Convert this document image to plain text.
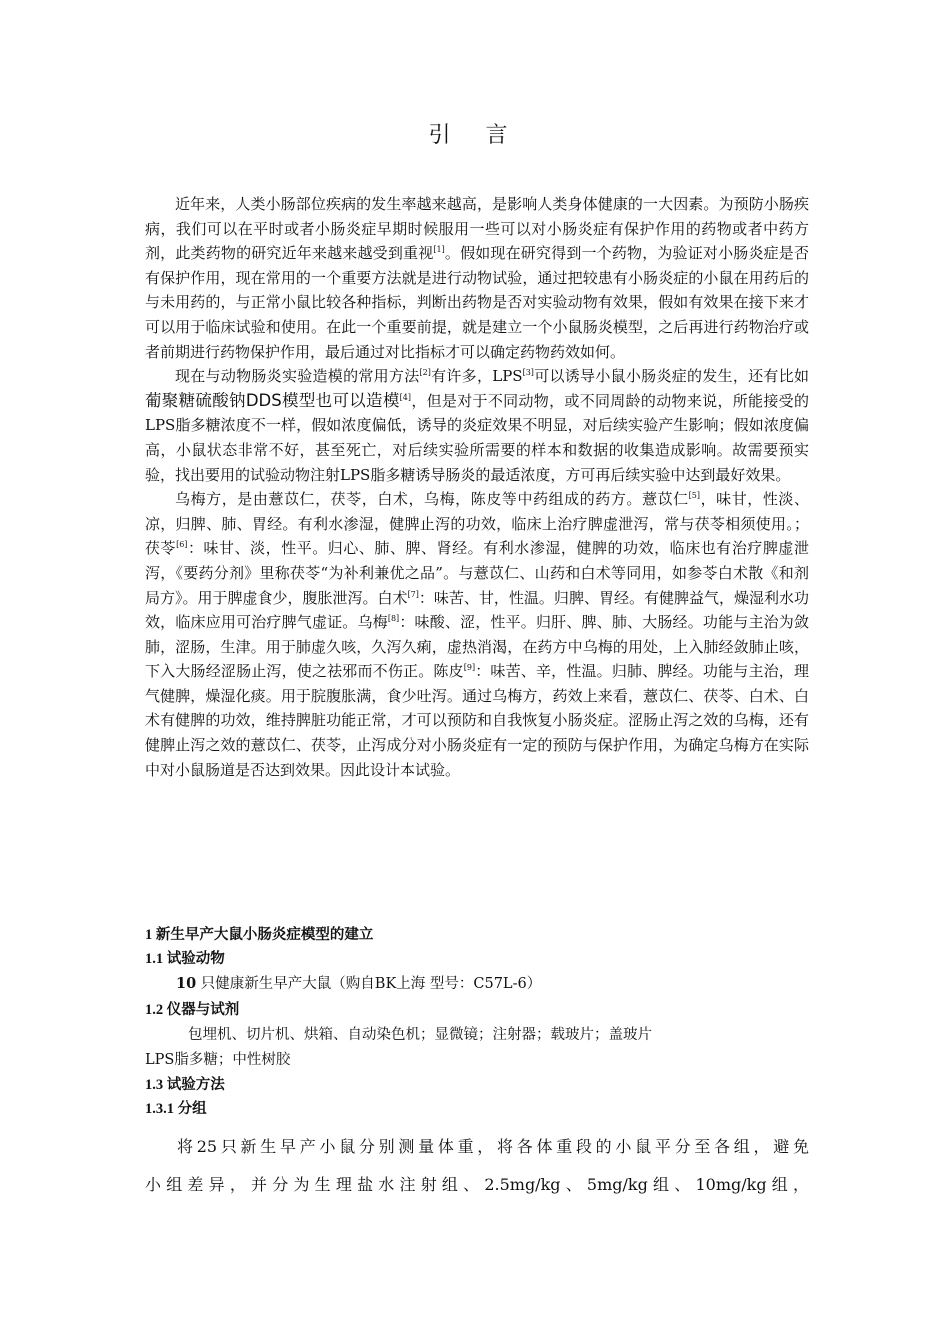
引 言

近年来，人类小肠部位疾病的发生率越来越高，是影响人类身体健康的一大因素。为预防小肠疾病，我们可以在平时或者小肠炎症早期时候服用一些可以对小肠炎症有保护作用的药物或者中药方剂，此类药物的研究近年来越来越受到重视[1]。假如现在研究得到一个药物，为验证对小肠炎症是否有保护作用，现在常用的一个重要方法就是进行动物试验，通过把较患有小肠炎症的小鼠在用药后的与未用药的，与正常小鼠比较各种指标，判断出药物是否对实验动物有效果，假如有效果在接下来才可以用于临床试验和使用。在此一个重要前提，就是建立一个小鼠肠炎模型，之后再进行药物治疗或者前期进行药物保护作用，最后通过对比指标才可以确定药物药效如何。

现在与动物肠炎实验造模的常用方法[2]有许多，LPS[3]可以诱导小鼠小肠炎症的发生，还有比如葡聚糖硫酸钠DDS模型也可以造模[4]，但是对于不同动物，或不同周龄的动物来说，所能接受的LPS脂多糖浓度不一样，假如浓度偏低，诱导的炎症效果不明显，对后续实验产生影响；假如浓度偏高，小鼠状态非常不好，甚至死亡，对后续实验所需要的样本和数据的收集造成影响。故需要预实验，找出要用的试验动物注射LPS脂多糖诱导肠炎的最适浓度，方可再后续实验中达到最好效果。

乌梅方，是由薏苡仁，茯苓，白术，乌梅，陈皮等中药组成的药方。薏苡仁[5]，味甘，性淡、凉，归脾、肺、胃经。有利水渗湿，健脾止泻的功效，临床上治疗脾虚泄泻，常与茯苓相须使用。；茯苓[6]：味甘、淡，性平。归心、肺、脾、肾经。有利水渗湿，健脾的功效，临床也有治疗脾虚泄泻，《要药分剂》里称茯苓“为补利兼优之品”。与薏苡仁、山药和白术等同用，如参苓白术散《和剂局方》。用于脾虚食少，腹胀泄泻。白术[7]：味苦、甘，性温。归脾、胃经。有健脾益气，燥湿利水功效，临床应用可治疗脾气虚证。乌梅[8]：味酸、涩，性平。归肝、脾、肺、大肠经。功能与主治为敛肺，涩肠，生津。用于肺虚久咳，久泻久痢，虚热消渴，在药方中乌梅的用处，上入肺经敛肺止咳，下入大肠经涩肠止泻，使之祛邪而不伤正。陈皮[9]：味苦、辛，性温。归肺、脾经。功能与主治，理气健脾，燥湿化痰。用于脘腹胀满，食少吐泻。通过乌梅方，药效上来看，薏苡仁、茯苓、白术、白术有健脾的功效，维持脾脏功能正常，才可以预防和自我恢复小肠炎症。涩肠止泻之效的乌梅，还有健脾止泻之效的薏苡仁、茯苓，止泻成分对小肠炎症有一定的预防与保护作用，为确定乌梅方在实际中对小鼠肠道是否达到效果。因此设计本试验。

1 新生早产大鼠小肠炎症模型的建立
1.1 试验动物
10 只健康新生早产大鼠（购自BK上海 型号：C57L-6）
1.2 仪器与试剂
包埋机、切片机、烘箱、自动染色机；显微镜；注射器；载玻片；盖玻片
LPS脂多糖；中性树胶
1.3 试验方法
1.3.1 分组

将25只新生早产小鼠分别测量体重，将各体重段的小鼠平分至各组，避免

小组差异，并分为生理盐水注射组、2.5mg/kg、5mg/kg组、10mg/kg组，
